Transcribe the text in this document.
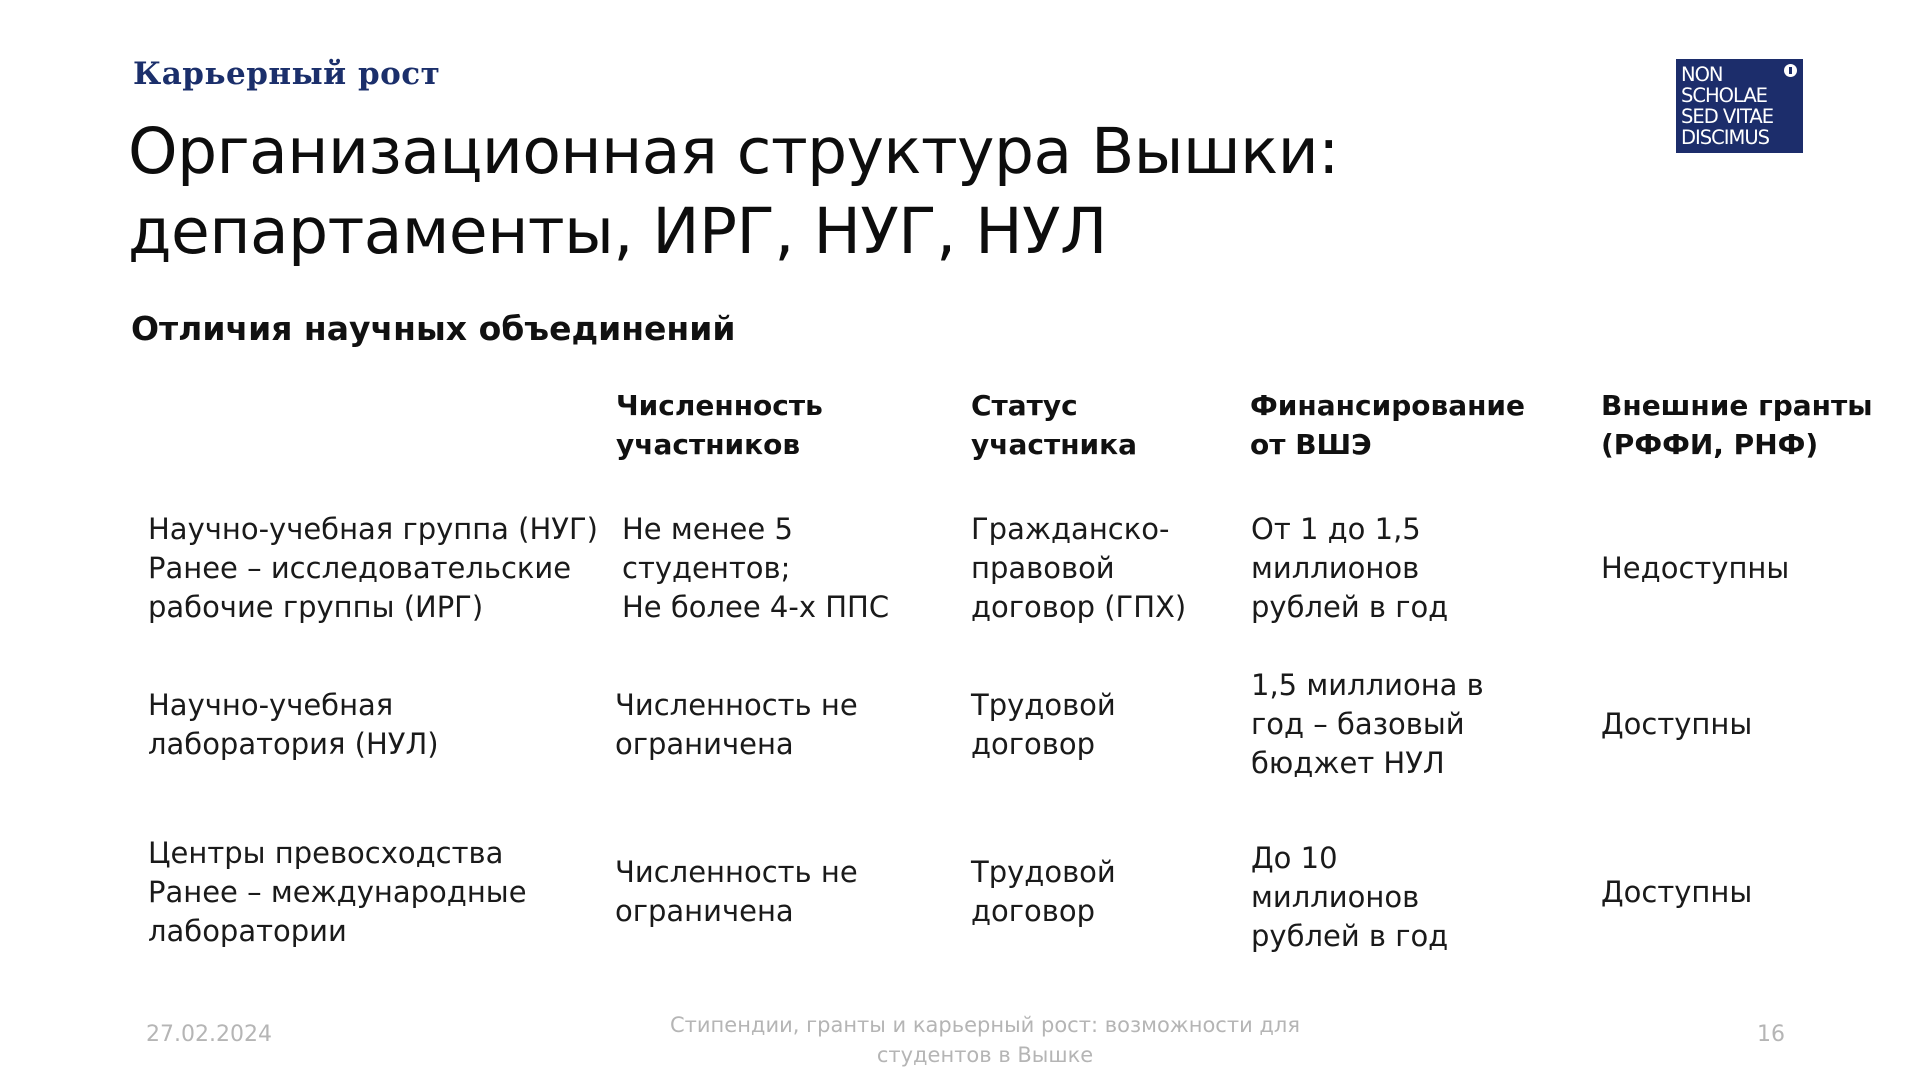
Карьерный рост
Организационная структура Вышки:
департаменты, ИРГ, НУГ, НУЛ
NON
SCHOLAE
SED VITAE
DISCIMUS
Отличия научных объединений
Численность
участников
Статус
участника
Финансирование
от ВШЭ
Внешние гранты
(РФФИ, РНФ)
Научно-учебная группа (НУГ)
Ранее – исследовательские
рабочие группы (ИРГ)
Не менее 5
студентов;
Не более 4-х ППС
Гражданско-
правовой
договор (ГПХ)
От 1 до 1,5
миллионов
рублей в год
Недоступны
Научно-учебная
лаборатория (НУЛ)
Численность не
ограничена
Трудовой
договор
1,5 миллиона в
год – базовый
бюджет НУЛ
Доступны
Центры превосходства
Ранее – международные
лаборатории
Численность не
ограничена
Трудовой
договор
До 10
миллионов
рублей в год
Доступны
27.02.2024	Стипендии, гранты и карьерный рост: возможности для
студентов в Вышке
16
